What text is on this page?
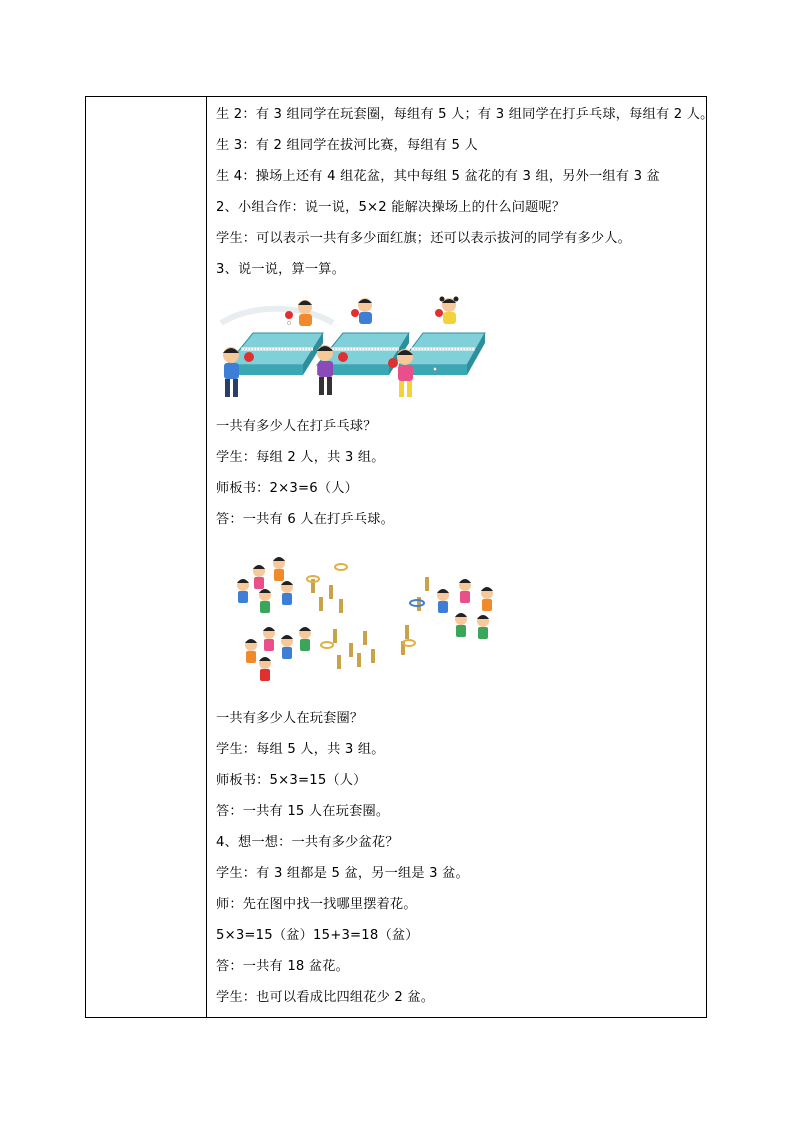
生 2：有 3 组同学在玩套圈，每组有 5 人；有 3 组同学在打乒乓球，每组有 2 人。
生 3：有 2 组同学在拔河比赛，每组有 5 人
生 4：操场上还有 4 组花盆，其中每组 5 盆花的有 3 组，另外一组有 3 盆
2、小组合作：说一说，5×2 能解决操场上的什么问题呢？
学生：可以表示一共有多少面红旗；还可以表示拔河的同学有多少人。
3、说一说，算一算。
一共有多少人在打乒乓球？
学生：每组 2 人，共 3 组。
师板书：2×3=6（人）
答：一共有 6 人在打乒乓球。
一共有多少人在玩套圈？
学生：每组 5 人，共 3 组。
师板书：5×3=15（人）
答：一共有 15 人在玩套圈。
4、想一想：一共有多少盆花？
学生：有 3 组都是 5 盆，另一组是 3 盆。
师：先在图中找一找哪里摆着花。
5×3=15（盆）15+3=18（盆）
答：一共有 18 盆花。
学生：也可以看成比四组花少 2 盆。
